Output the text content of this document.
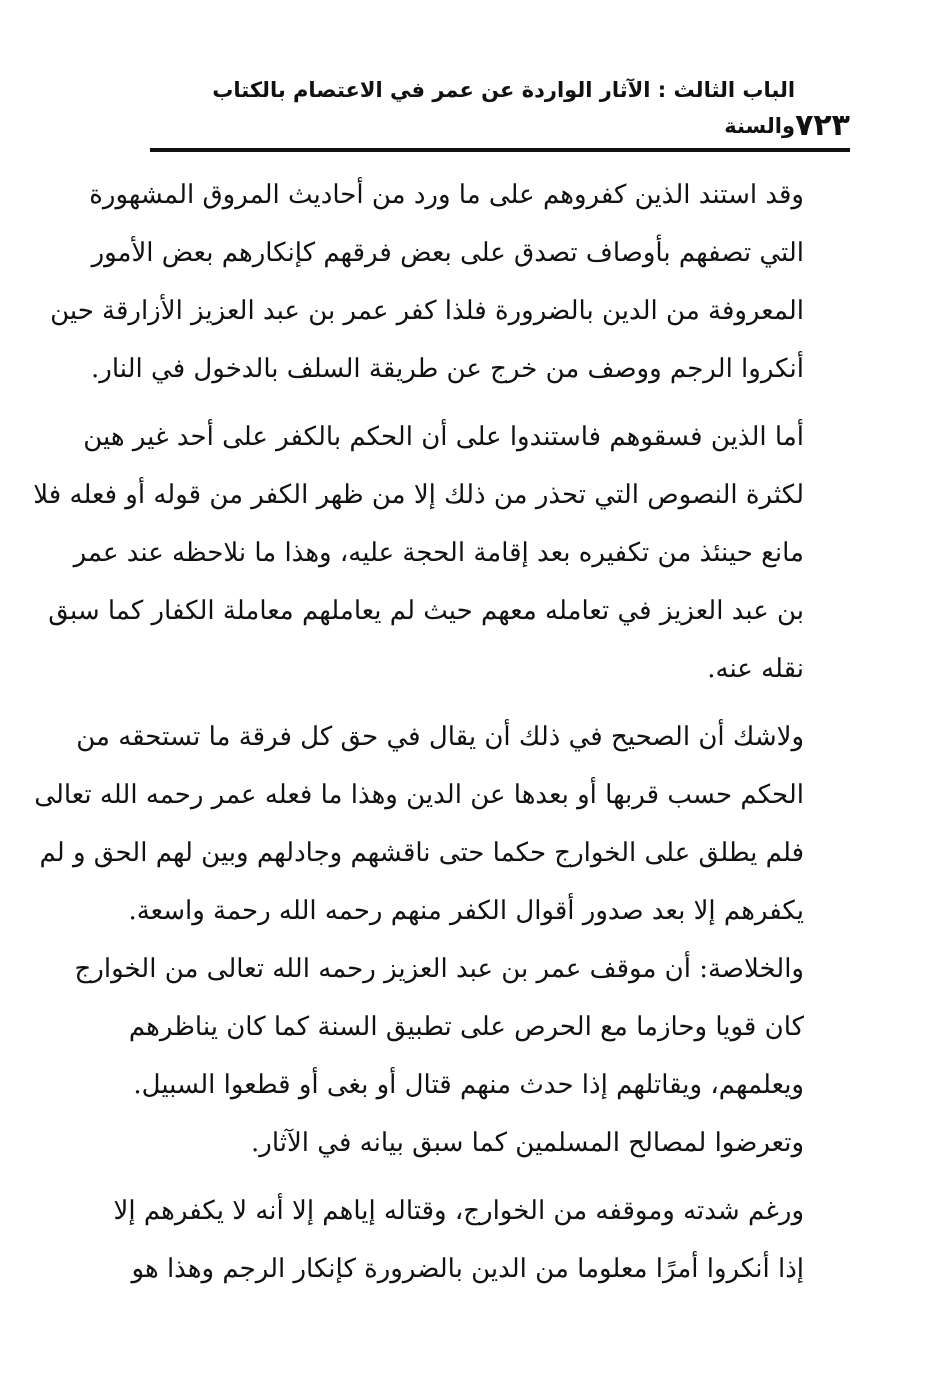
٧٢٣
الباب الثالث : الآثار الواردة عن عمر في الاعتصام بالكتاب والسنة

وقد استند الذين كفروهم على ما ورد من أحاديث المروق المشهورة
التي تصفهم بأوصاف تصدق على بعض فرقهم كإنكارهم بعض الأمور
المعروفة من الدين بالضرورة فلذا كفر عمر بن عبد العزيز الأزارقة حين
أنكروا الرجم ووصف من خرج عن طريقة السلف بالدخول في النار.

أما الذين فسقوهم فاستندوا على أن الحكم بالكفر على أحد غير هين
لكثرة النصوص التي تحذر من ذلك إلا من ظهر الكفر من قوله أو فعله فلا
مانع حينئذ من تكفيره بعد إقامة الحجة عليه، وهذا ما نلاحظه عند عمر
بن عبد العزيز في تعامله معهم حيث لم يعاملهم معاملة الكفار كما سبق
نقله عنه.

ولاشك أن الصحيح في ذلك أن يقال في حق كل فرقة ما تستحقه من
الحكم حسب قربها أو بعدها عن الدين وهذا ما فعله عمر رحمه الله تعالى
فلم يطلق على الخوارج حكما حتى ناقشهم وجادلهم وبين لهم الحق و لم
يكفرهم إلا بعد صدور أقوال الكفر منهم رحمه الله رحمة واسعة.

والخلاصة: أن موقف عمر بن عبد العزيز رحمه الله تعالى من الخوارج
كان قويا وحازما مع الحرص على تطبيق السنة كما كان يناظرهم
ويعلمهم، ويقاتلهم إذا حدث منهم قتال أو بغى أو قطعوا السبيل.
وتعرضوا لمصالح المسلمين كما سبق بيانه في الآثار.

ورغم شدته وموقفه من الخوارج، وقتاله إياهم إلا أنه لا يكفرهم إلا
إذا أنكروا أمرًا معلوما من الدين بالضرورة كإنكار الرجم وهذا هو
